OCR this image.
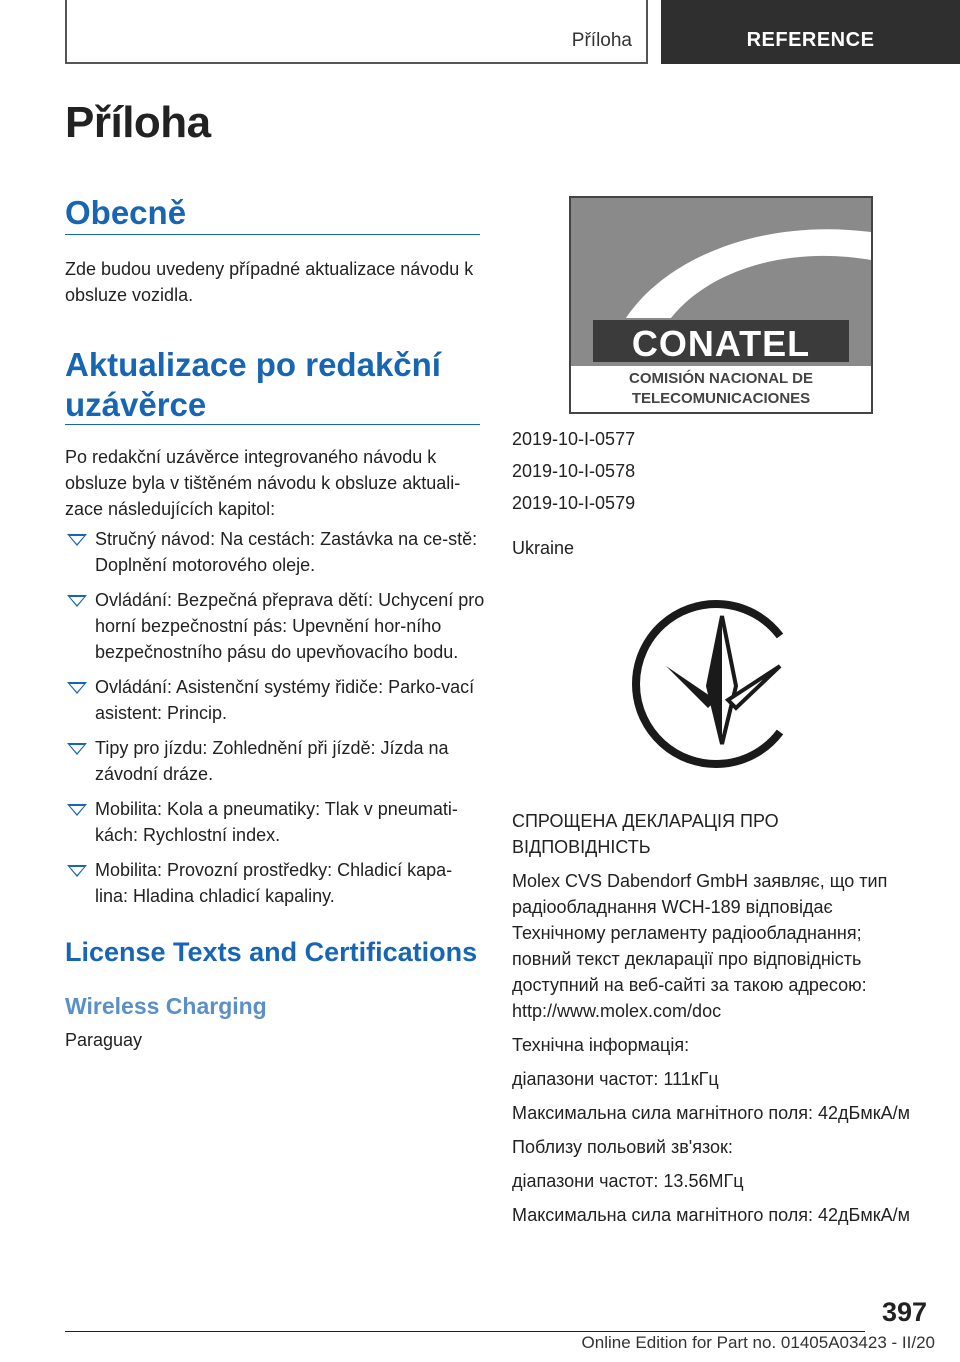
Příloha	REFERENCE
Příloha
Obecně
Zde budou uvedeny případné aktualizace návodu k obsluze vozidla.
Aktualizace po redakční
uzávěrce
Po redakční uzávěrce integrovaného návodu k obsluze byla v tištěném návodu k obsluze aktuali-zace následujících kapitol:
Stručný návod: Na cestách: Zastávka na ce-stě: Doplnění motorového oleje.
Ovládání: Bezpečná přeprava dětí: Uchycení pro horní bezpečnostní pás: Upevnění hor-ního bezpečnostního pásu do upevňovacího bodu.
Ovládání: Asistenční systémy řidiče: Parko-vací asistent: Princip.
Tipy pro jízdu: Zohlednění při jízdě: Jízda na závodní dráze.
Mobilita: Kola a pneumatiky: Tlak v pneumati-kách: Rychlostní index.
Mobilita: Provozní prostředky: Chladicí kapa-lina: Hladina chladicí kapaliny.
License Texts and Certifications
Wireless Charging
Paraguay
CONATEL
COMISIÓN NACIONAL DE
TELECOMUNICACIONES

2019-10-I-0577

2019-10-I-0578

2019-10-I-0579

Ukraine

СПРОЩЕНА ДЕКЛАРАЦІЯ ПРО ВІДПОВІДНІСТЬ

Molex CVS Dabendorf GmbH заявляє, що тип радіообладнання WCH-189 відповідає Технічному регламенту радіообладнання; повний текст декларації про відповідність доступний на веб-сайті за такою адресою: http://www.molex.com/doc

Технічна інформація:

діапазони частот: 111кГц

Максимальна сила магнітного поля: 42дБмкА/м

Поблизу польовий зв'язок:

діапазони частот: 13.56МГц

Максимальна сила магнітного поля: 42дБмкА/м

397
Online Edition for Part no. 01405A03423 - II/20
